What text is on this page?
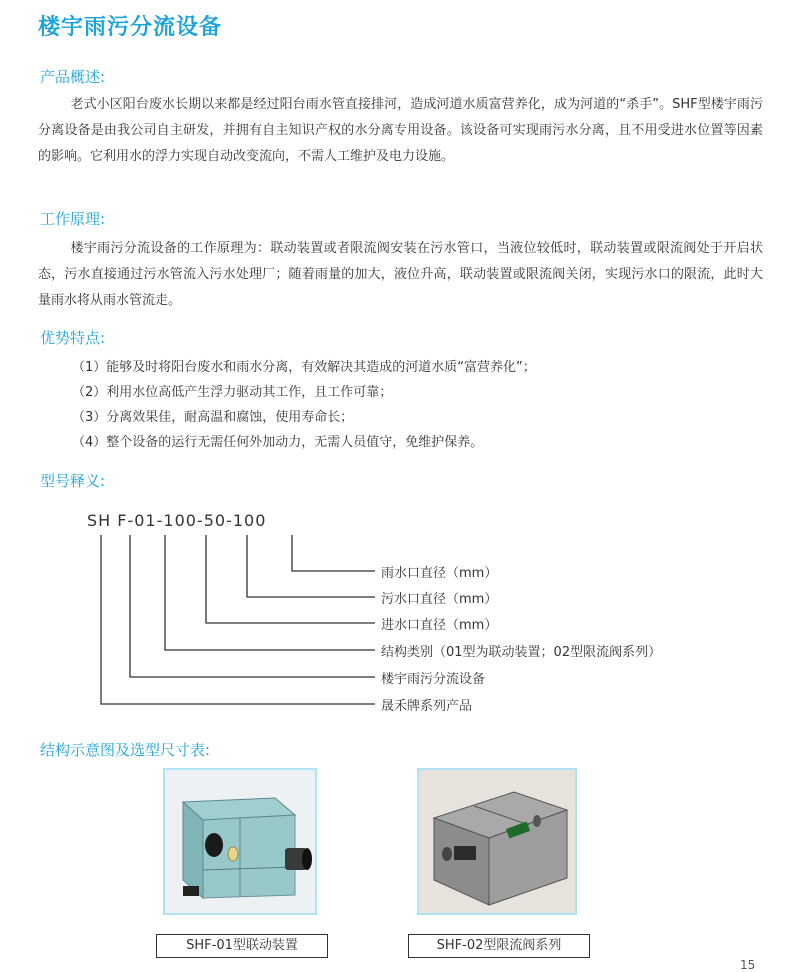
楼宇雨污分流设备
产品概述:
老式小区阳台废水长期以来都是经过阳台雨水管直接排河，造成河道水质富营养化，成为河道的“杀手”。SHF型楼宇雨污分离设备是由我公司自主研发，并拥有自主知识产权的水分离专用设备。该设备可实现雨污水分离，且不用受进水位置等因素的影响。它利用水的浮力实现自动改变流向，不需人工维护及电力设施。
工作原理:
楼宇雨污分流设备的工作原理为：联动装置或者限流阀安装在污水管口，当液位较低时，联动装置或限流阀处于开启状态，污水直接通过污水管流入污水处理厂；随着雨量的加大，液位升高，联动装置或限流阀关闭，实现污水口的限流，此时大量雨水将从雨水管流走。
优势特点:
（1）能够及时将阳台废水和雨水分离，有效解决其造成的河道水质“富营养化”；
（2）利用水位高低产生浮力驱动其工作，且工作可靠；
（3）分离效果佳，耐高温和腐蚀，使用寿命长；
（4）整个设备的运行无需任何外加动力，无需人员值守，免维护保养。
型号释义:
SH F-01-100-50-100
雨水口直径（mm）
污水口直径（mm）
进水口直径（mm）
结构类别（01型为联动装置；02型限流阀系列）
楼宇雨污分流设备
晟禾牌系列产品
结构示意图及选型尺寸表:
SHF-01型联动装置	SHF-02型限流阀系列
15
